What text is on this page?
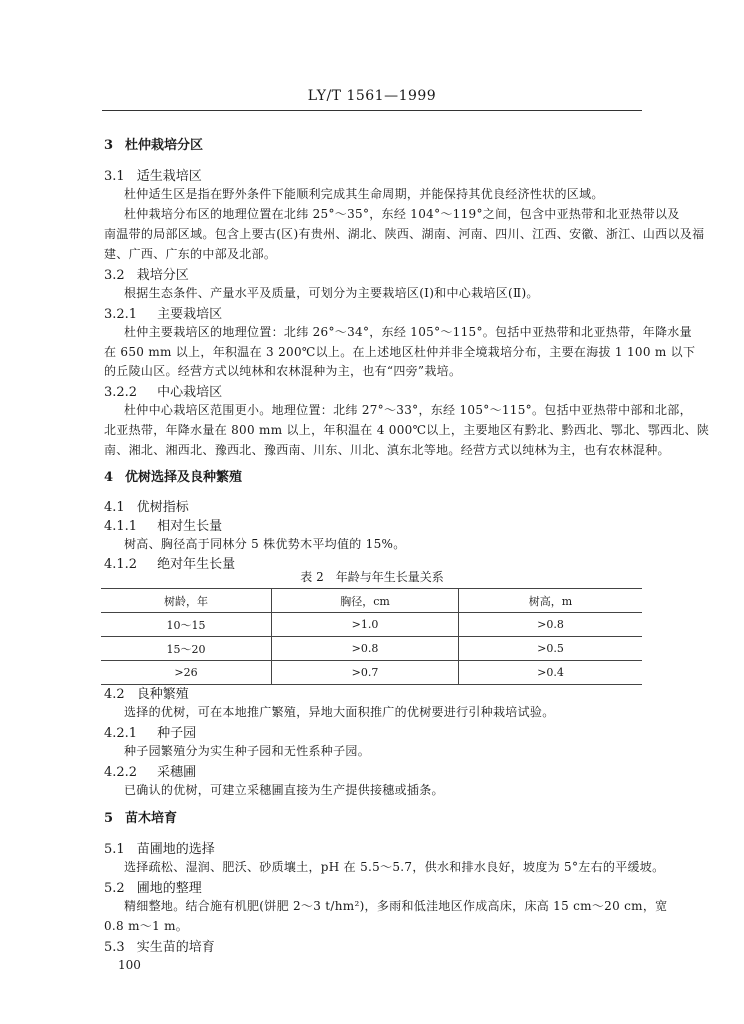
LY/T 1561—1999
3 杜仲栽培分区
3.1 适生栽培区
杜仲适生区是指在野外条件下能顺利完成其生命周期，并能保持其优良经济性状的区域。
杜仲栽培分布区的地理位置在北纬 25°～35°，东经 104°～119°之间，包含中亚热带和北亚热带以及
南温带的局部区域。包含上要古(区)有贵州、湖北、陕西、湖南、河南、四川、江西、安徽、浙江、山西以及福
建、广西、广东的中部及北部。
3.2 栽培分区
根据生态条件、产量水平及质量，可划分为主要栽培区(Ⅰ)和中心栽培区(Ⅱ)。
3.2.1 主要栽培区
杜仲主要栽培区的地理位置：北纬 26°～34°，东经 105°～115°。包括中亚热带和北亚热带，年降水量
在 650 mm 以上，年积温在 3 200℃以上。在上述地区杜仲并非全境栽培分布，主要在海拔 1 100 m 以下
的丘陵山区。经营方式以纯林和农林混种为主，也有“四旁”栽培。
3.2.2 中心栽培区
杜仲中心栽培区范围更小。地理位置：北纬 27°～33°，东经 105°～115°。包括中亚热带中部和北部，
北亚热带，年降水量在 800 mm 以上，年积温在 4 000℃以上，主要地区有黔北、黔西北、鄂北、鄂西北、陕
南、湘北、湘西北、豫西北、豫西南、川东、川北、滇东北等地。经营方式以纯林为主，也有农林混种。
4 优树选择及良种繁殖
4.1 优树指标
4.1.1 相对生长量
树高、胸径高于同林分 5 株优势木平均值的 15%。
4.1.2 绝对年生长量
表 2　年龄与年生长量关系
树龄，年	胸径，cm	树高，m
10～15	>1.0	>0.8
15～20	>0.8	>0.5
>26	>0.7	>0.4
4.2 良种繁殖
选择的优树，可在本地推广繁殖，异地大面积推广的优树要进行引种栽培试验。
4.2.1 种子园
种子园繁殖分为实生种子园和无性系种子园。
4.2.2 采穗圃
已确认的优树，可建立采穗圃直接为生产提供接穗或插条。
5 苗木培育
5.1 苗圃地的选择
选择疏松、湿润、肥沃、砂质壤土，pH 在 5.5～5.7，供水和排水良好，坡度为 5°左右的平缓坡。
5.2 圃地的整理
精细整地。结合施有机肥(饼肥 2～3 t/hm²)，多雨和低洼地区作成高床，床高 15 cm～20 cm，宽
0.8 m～1 m。
5.3 实生苗的培育
100
